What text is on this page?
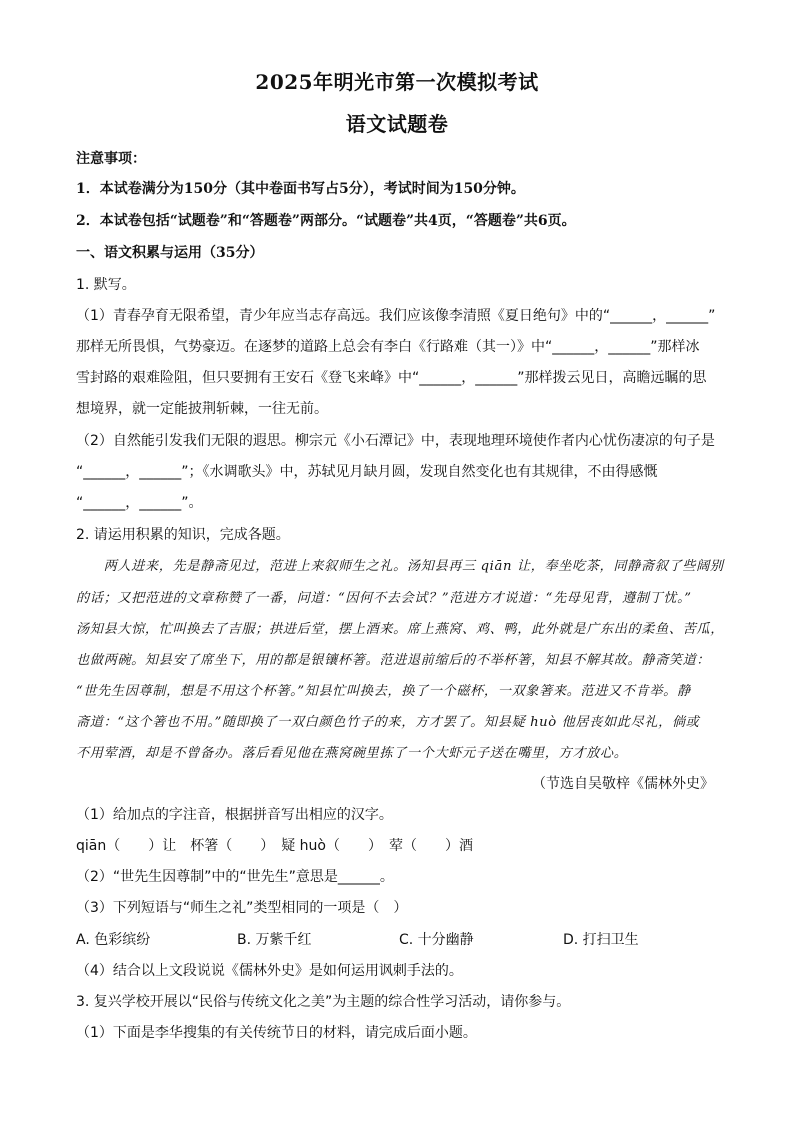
2025年明光市第一次模拟考试
语文试题卷
注意事项：
1．本试卷满分为150分（其中卷面书写占5分），考试时间为150分钟。
2．本试卷包括“试题卷”和“答题卷”两部分。“试题卷”共4页，“答题卷”共6页。
一、语文积累与运用（35分）
1. 默写。
（1）青春孕育无限希望，青少年应当志存高远。我们应该像李清照《夏日绝句》中的“______，______”
那样无所畏惧，气势豪迈。在逐梦的道路上总会有李白《行路难（其一）》中“______，______”那样冰
雪封路的艰难险阻，但只要拥有王安石《登飞来峰》中“______，______”那样拨云见日，高瞻远瞩的思
想境界，就一定能披荆斩棘，一往无前。
（2）自然能引发我们无限的遐思。柳宗元《小石潭记》中，表现地理环境使作者内心忧伤凄凉的句子是
“______，______”；《水调歌头》中，苏轼见月缺月圆，发现自然变化也有其规律，不由得感慨
“______，______”。
2. 请运用积累的知识，完成各题。
　　两人进来，先是静斋见过，范进上来叙师生之礼。汤知县再三 qiān 让，奉坐吃茶，同静斋叙了些阔别
的话；又把范进的文章称赞了一番，问道：“因何不去会试？”范进方才说道：“先母见背，遵制丁忧。”
汤知县大惊，忙叫换去了吉服；拱进后堂，摆上酒来。席上燕窝、鸡、鸭，此外就是广东出的柔鱼、苦瓜，
也做两碗。知县安了席坐下，用的都是银镶杯箸。范进退前缩后的不举杯箸，知县不解其故。静斋笑道：
“世先生因尊制，想是不用这个杯箸。”知县忙叫换去，换了一个磁杯，一双象箸来。范进又不肯举。静
斋道：“这个箸也不用。”随即换了一双白颜色竹子的来，方才罢了。知县疑 huò 他居丧如此尽礼，倘或
不用荤酒，却是不曾备办。落后看见他在燕窝碗里拣了一个大虾元子送在嘴里，方才放心。
（节选自吴敬梓《儒林外史》
（1）给加点的字注音，根据拼音写出相应的汉字。
qiān（　　）让　杯箸（　　）　疑 huò（　　）　荤（　　）酒
（2）“世先生因尊制”中的“世先生”意思是______。
（3）下列短语与“师生之礼”类型相同的一项是（　）
A. 色彩缤纷	B. 万紫千红	C. 十分幽静	D. 打扫卫生
（4）结合以上文段说说《儒林外史》是如何运用讽刺手法的。
3. 复兴学校开展以“民俗与传统文化之美”为主题的综合性学习活动，请你参与。
（1）下面是李华搜集的有关传统节日的材料，请完成后面小题。
